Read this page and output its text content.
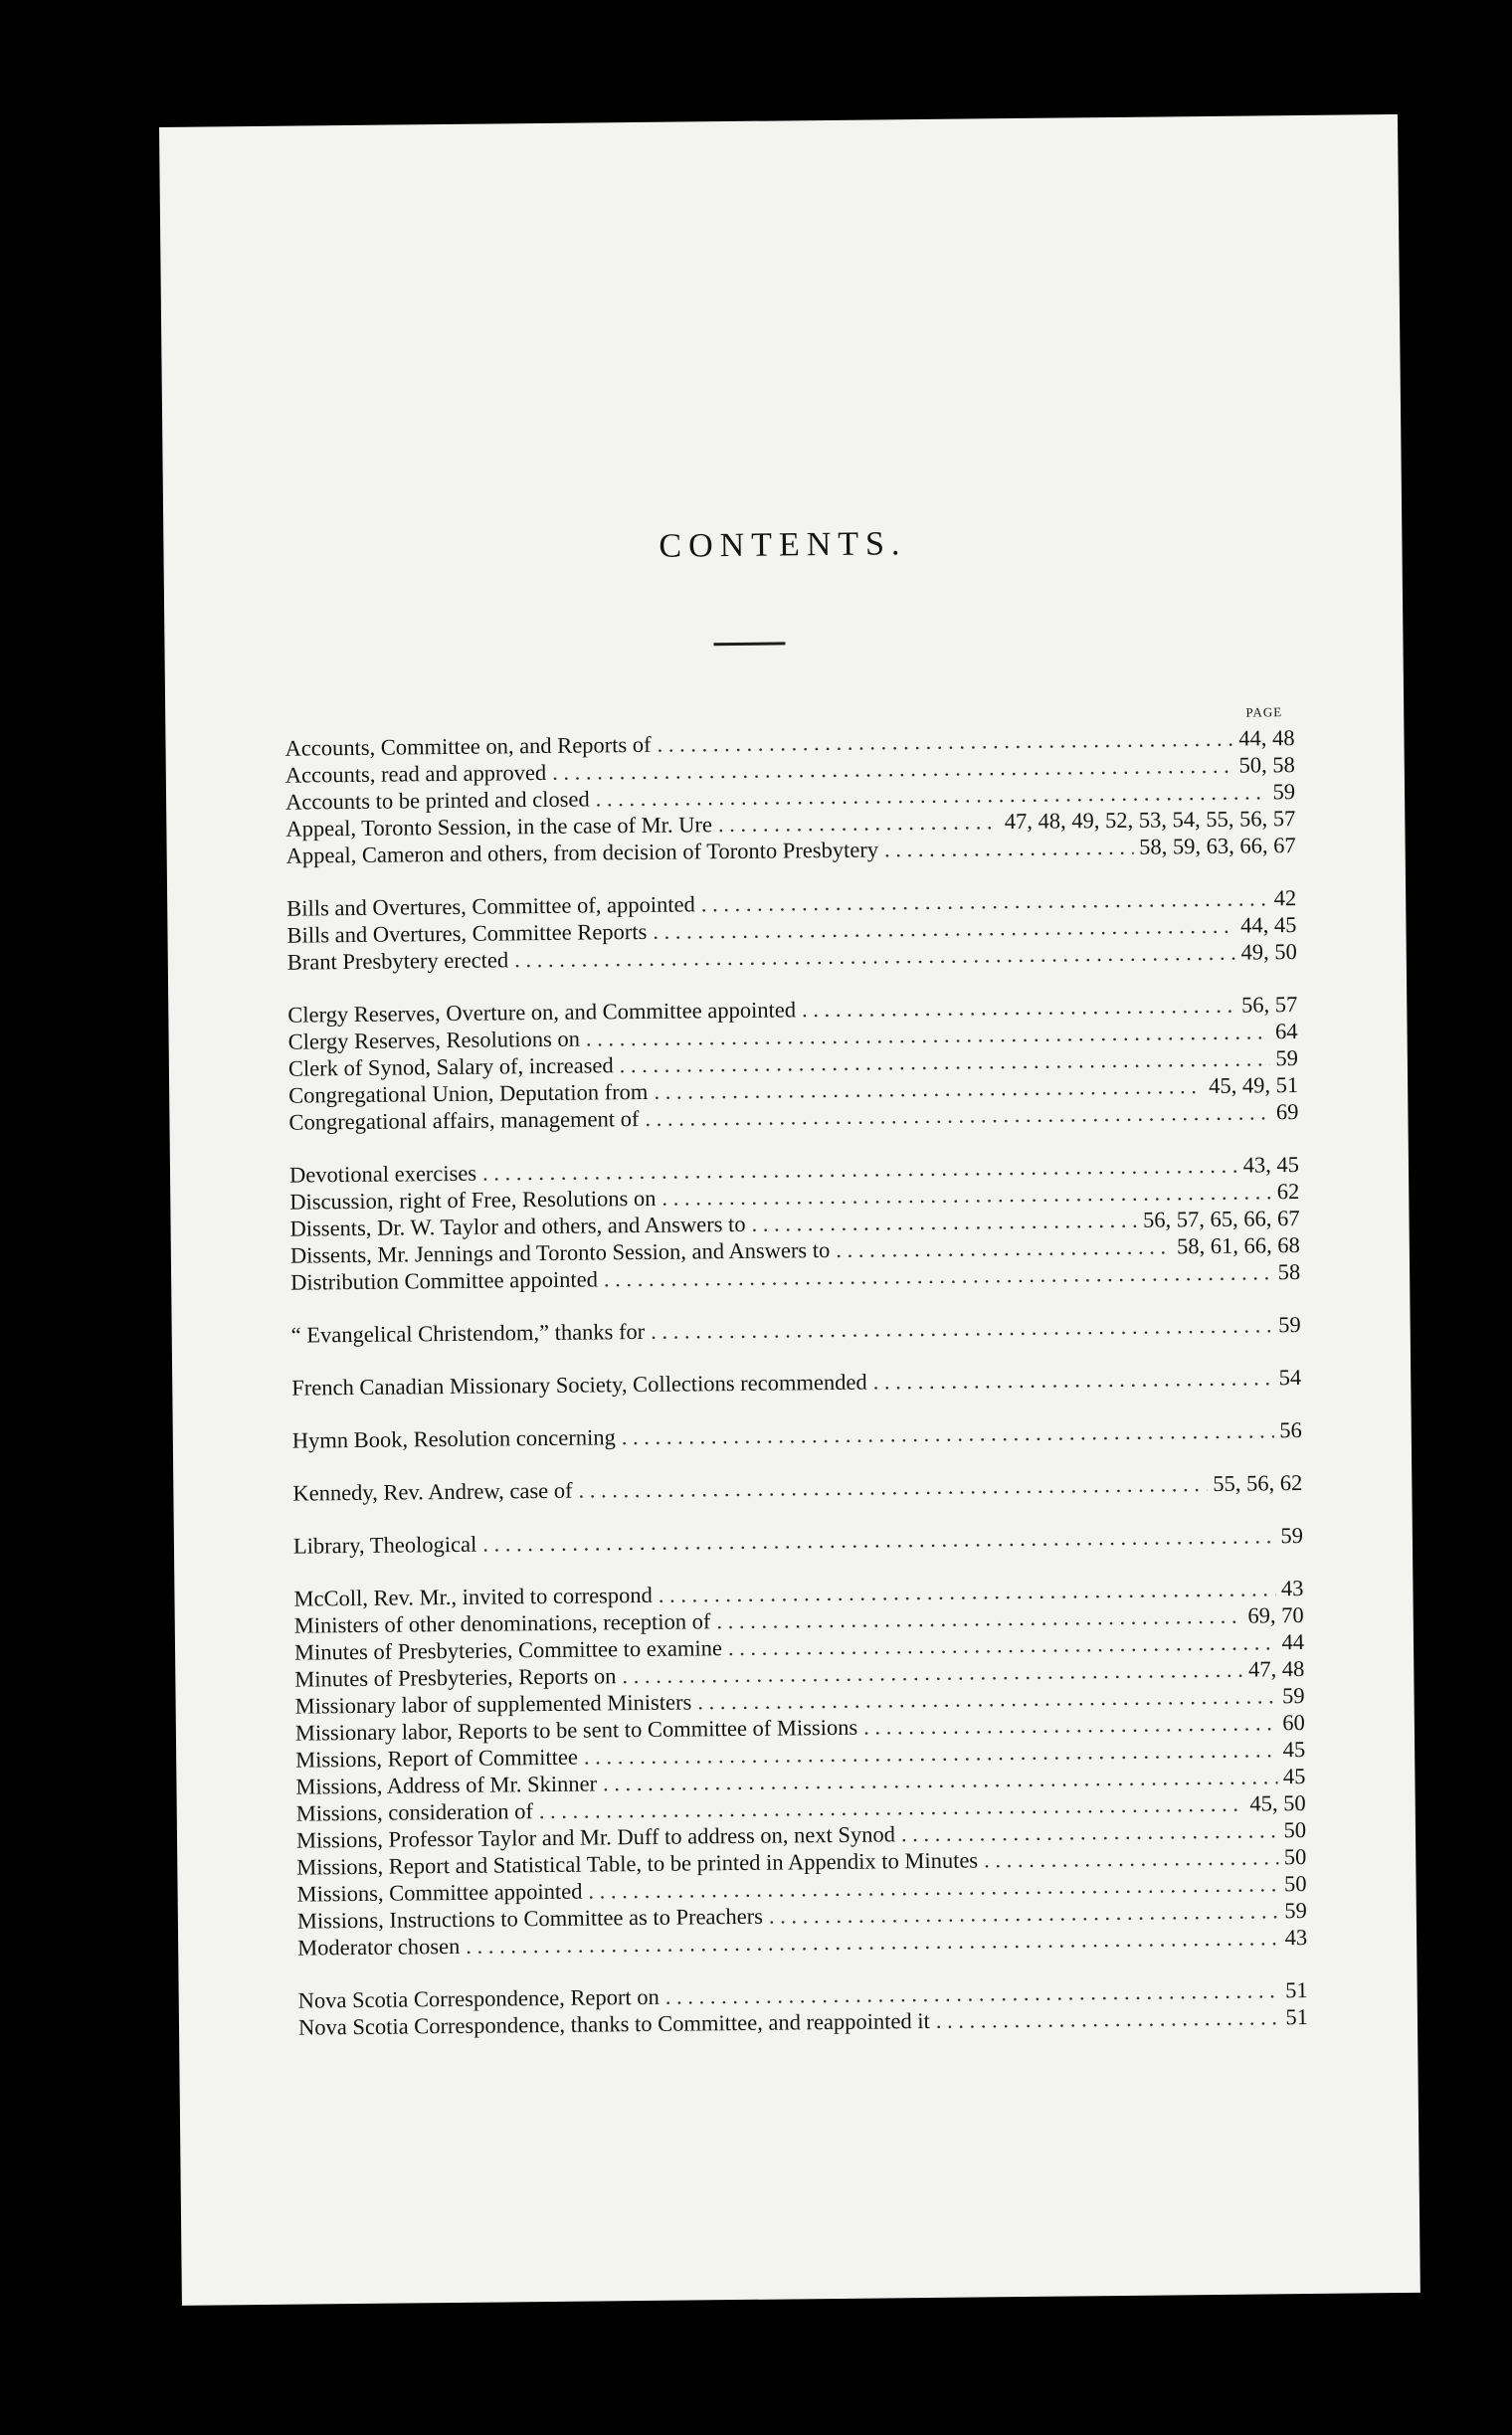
CONTENTS.
PAGE
Accounts, Committee on, and Reports of . . .	44, 48
Accounts, read and approved . . .	50, 58
Accounts to be printed and closed . . .	59
Appeal, Toronto Session, in the case of Mr. Ure . . .	47, 48, 49, 52, 53, 54, 55, 56, 57
Appeal, Cameron and others, from decision of Toronto Presbytery . . .	58, 59, 63, 66, 67
Bills and Overtures, Committee of, appointed . . .	42
Bills and Overtures, Committee Reports . . .	44, 45
Brant Presbytery erected . . .	49, 50
Clergy Reserves, Overture on, and Committee appointed . . .	56, 57
Clergy Reserves, Resolutions on . . .	64
Clerk of Synod, Salary of, increased . . .	59
Congregational Union, Deputation from . . .	45, 49, 51
Congregational affairs, management of . . .	69
Devotional exercises . . .	43, 45
Discussion, right of Free, Resolutions on . . .	62
Dissents, Dr. W. Taylor and others, and Answers to . . .	56, 57, 65, 66, 67
Dissents, Mr. Jennings and Toronto Session, and Answers to . . .	58, 61, 66, 68
Distribution Committee appointed . . .	58
“ Evangelical Christendom,” thanks for . . .	59
French Canadian Missionary Society, Collections recommended . . .	54
Hymn Book, Resolution concerning . . .	56
Kennedy, Rev. Andrew, case of . . .	55, 56, 62
Library, Theological . . .	59
McColl, Rev. Mr., invited to correspond . . .	43
Ministers of other denominations, reception of . . .	69, 70
Minutes of Presbyteries, Committee to examine . . .	44
Minutes of Presbyteries, Reports on . . .	47, 48
Missionary labor of supplemented Ministers . . .	59
Missionary labor, Reports to be sent to Committee of Missions . . .	60
Missions, Report of Committee . . .	45
Missions, Address of Mr. Skinner . . .	45
Missions, consideration of . . .	45, 50
Missions, Professor Taylor and Mr. Duff to address on, next Synod . . .	50
Missions, Report and Statistical Table, to be printed in Appendix to Minutes . . .	50
Missions, Committee appointed . . .	50
Missions, Instructions to Committee as to Preachers . . .	59
Moderator chosen . . .	43
Nova Scotia Correspondence, Report on . . .	51
Nova Scotia Correspondence, thanks to Committee, and reappointed it . . .	51
